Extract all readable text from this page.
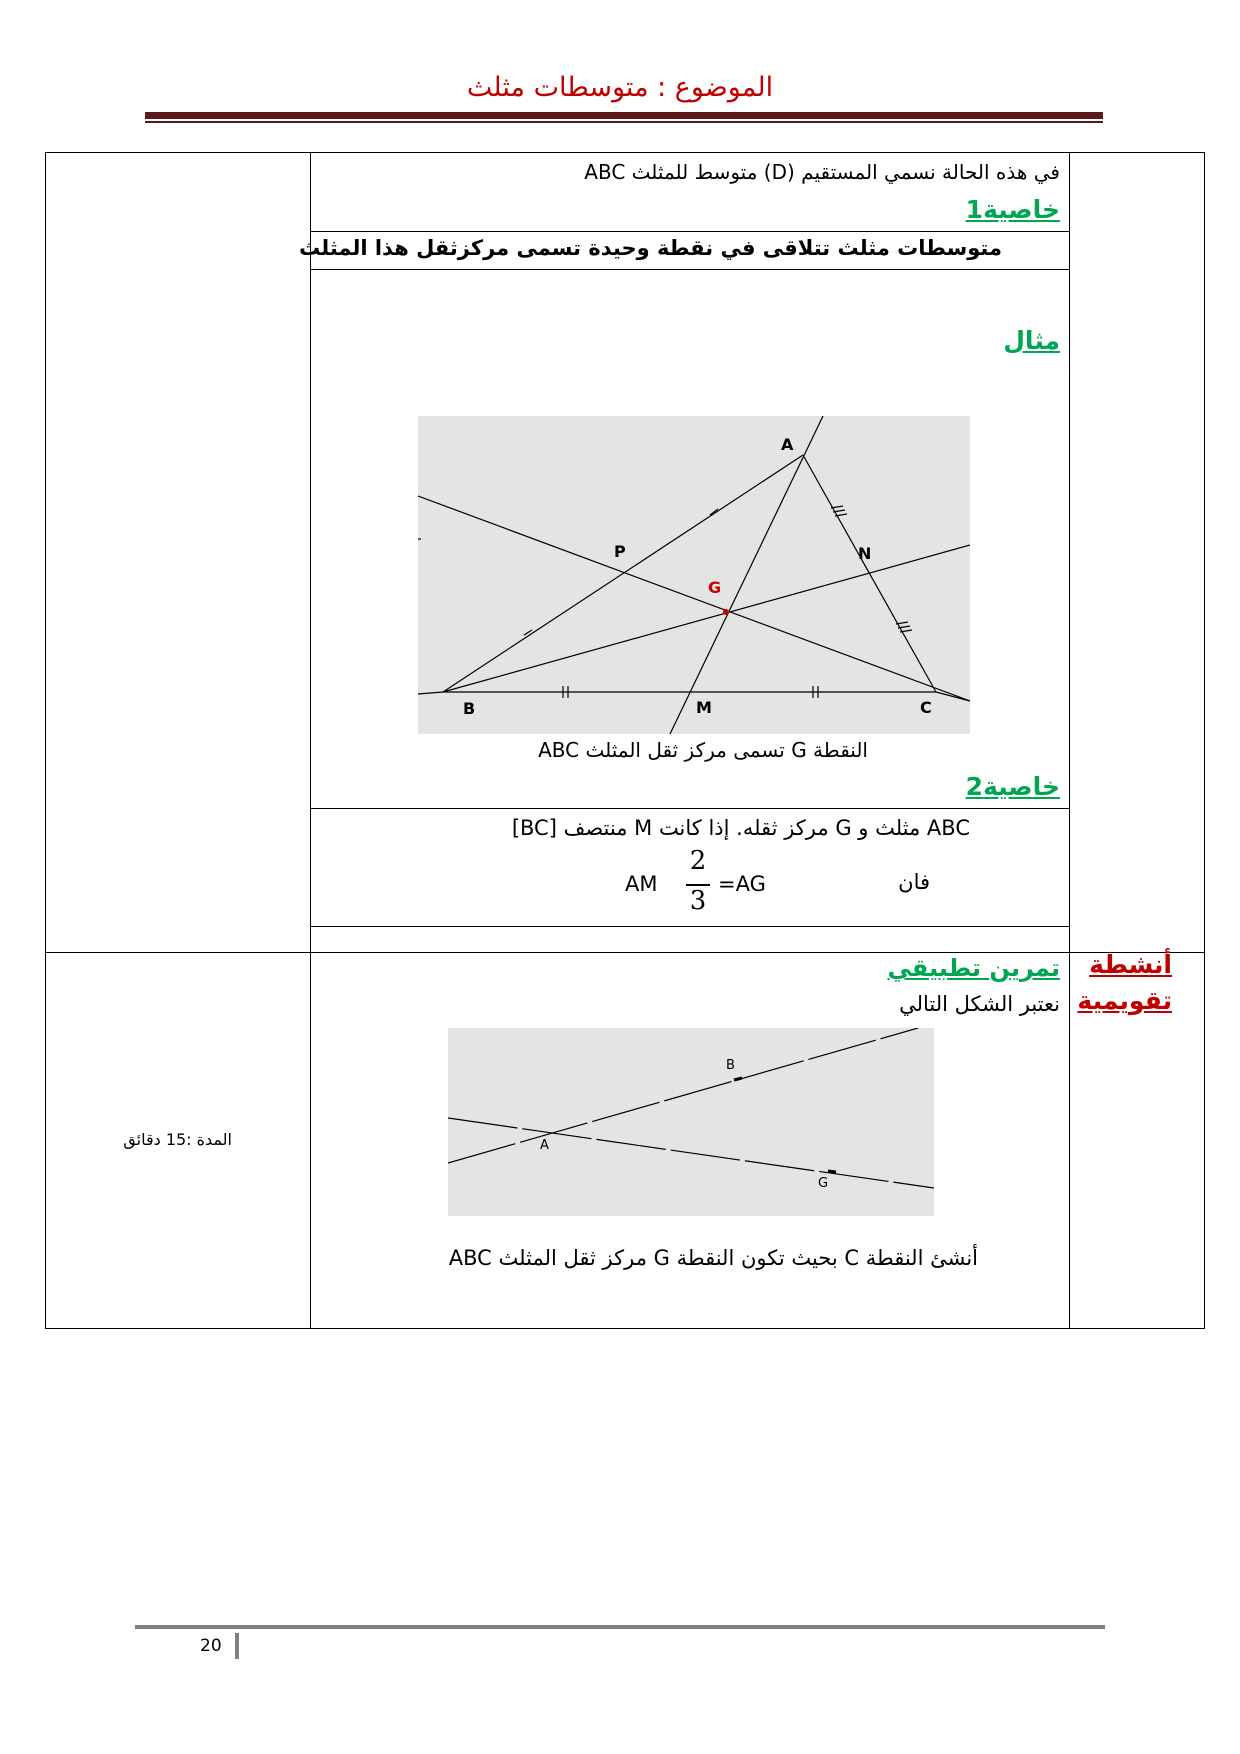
الموضوع : متوسطات مثلث
في هذه الحالة نسمي المستقيم (D) متوسط للمثلث ABC
خاصية1
متوسطات مثلث تتلاقى في نقطة وحيدة تسمى مركزثقل هذا المثلث
مثال
A
P	N
G
B	M	C
النقطة G تسمى مركز ثقل المثلث ABC
خاصية2
ABC مثلث و G مركز ثقله. إذا كانت M منتصف [BC]
فان
=AG
2
3
AM
أنشطة
تقويمية
تمرين تطبيقي
نعتبر الشكل التالي
B
A
G
أنشئ النقطة C بحيث تكون النقطة G مركز ثقل المثلث ABC
المدة :15 دقائق
20
